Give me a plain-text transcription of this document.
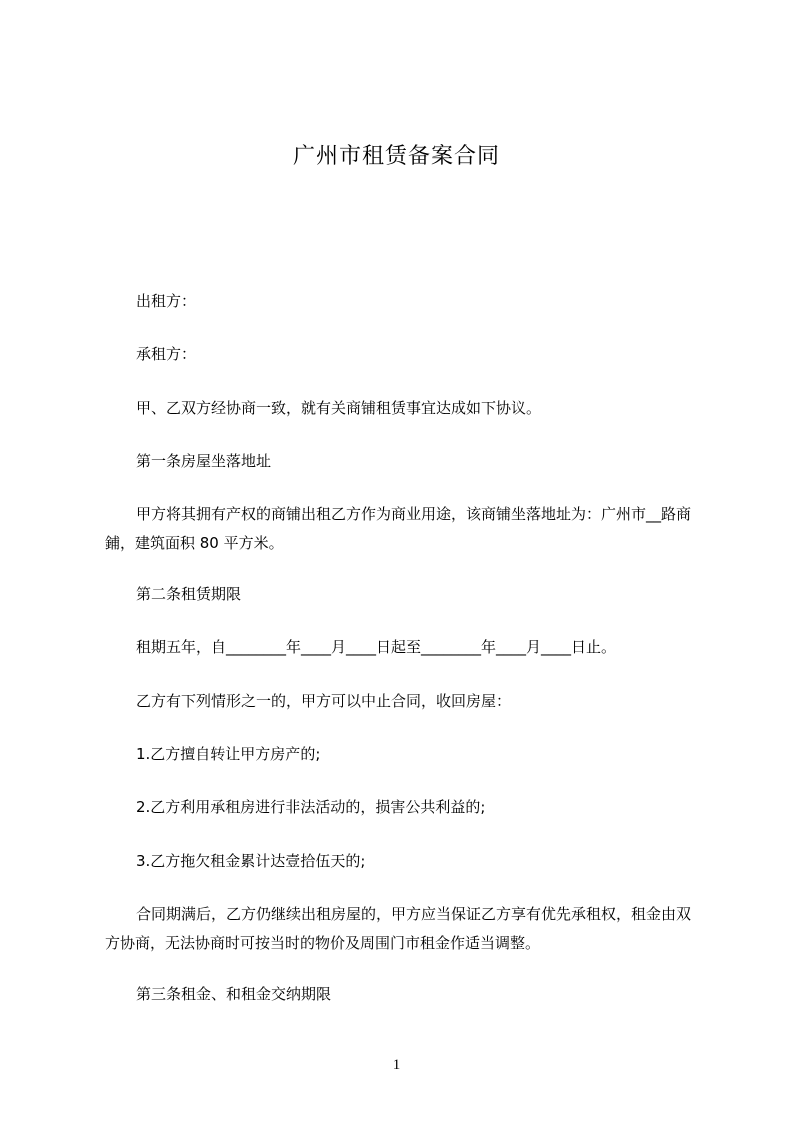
广州市租赁备案合同
出租方：
承租方：
甲、乙双方经协商一致，就有关商铺租赁事宜达成如下协议。
第一条房屋坐落地址
甲方将其拥有产权的商铺出租乙方作为商业用途，该商铺坐落地址为：广州市__路商鋪，建筑面积 80 平方米。
第二条租赁期限
租期五年，自________年____月____日起至________年____月____日止。
乙方有下列情形之一的，甲方可以中止合同，收回房屋：
1.乙方擅自转让甲方房产的;
2.乙方利用承租房进行非法活动的，损害公共利益的;
3.乙方拖欠租金累计达壹拾伍天的;
合同期满后，乙方仍继续出租房屋的，甲方应当保证乙方享有优先承租权，租金由双方协商，无法协商时可按当时的物价及周围门市租金作适当调整。
第三条租金、和租金交纳期限
1
